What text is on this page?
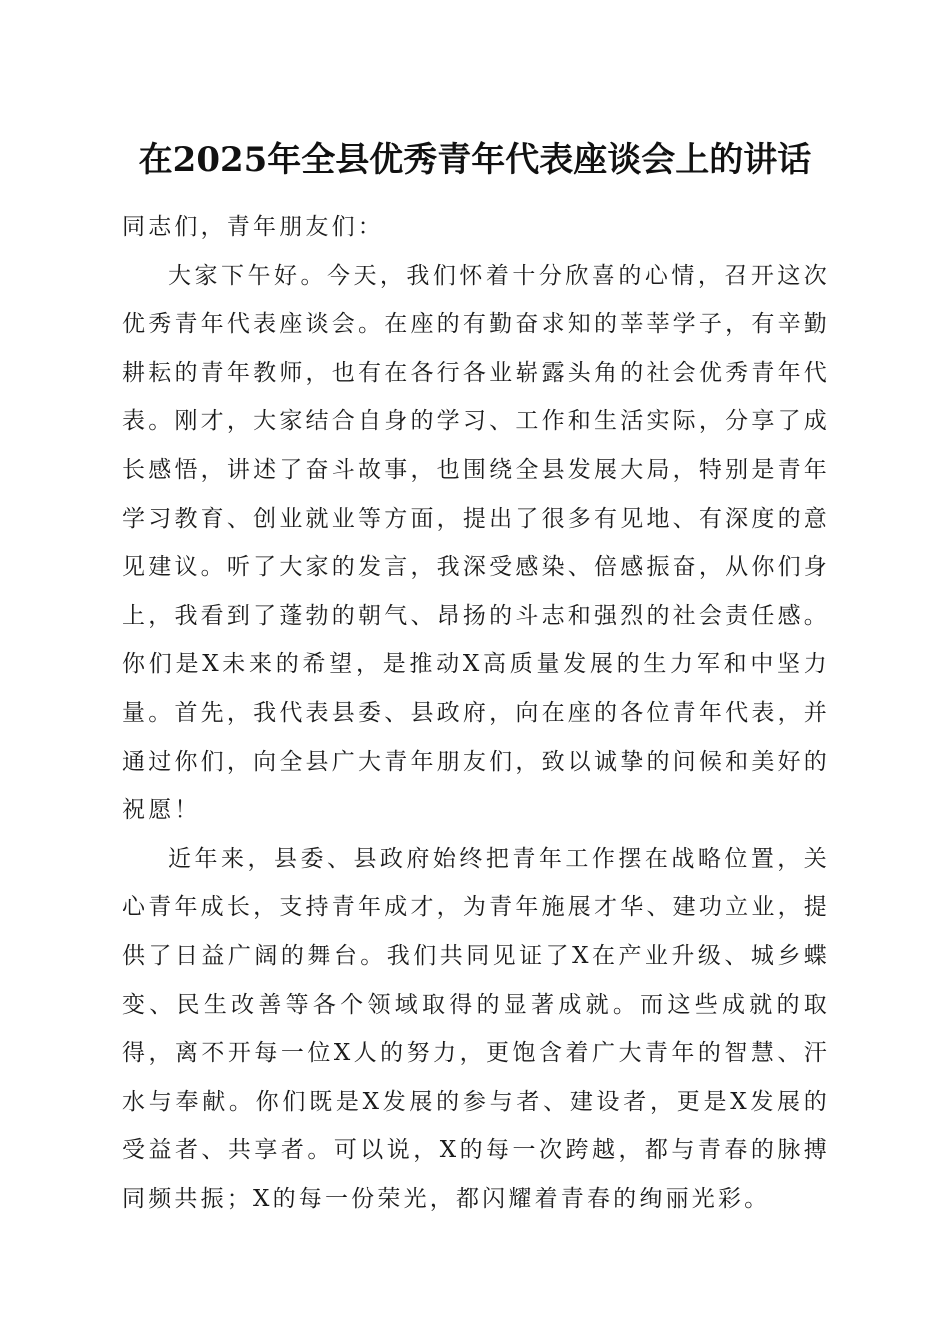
在2025年全县优秀青年代表座谈会上的讲话

同志们，青年朋友们：

大家下午好。今天，我们怀着十分欣喜的心情，召开这次优秀青年代表座谈会。在座的有勤奋求知的莘莘学子，有辛勤耕耘的青年教师，也有在各行各业崭露头角的社会优秀青年代表。刚才，大家结合自身的学习、工作和生活实际，分享了成长感悟，讲述了奋斗故事，也围绕全县发展大局，特别是青年学习教育、创业就业等方面，提出了很多有见地、有深度的意见建议。听了大家的发言，我深受感染、倍感振奋，从你们身上，我看到了蓬勃的朝气、昂扬的斗志和强烈的社会责任感。你们是X未来的希望，是推动X高质量发展的生力军和中坚力量。首先，我代表县委、县政府，向在座的各位青年代表，并通过你们，向全县广大青年朋友们，致以诚挚的问候和美好的祝愿！

近年来，县委、县政府始终把青年工作摆在战略位置，关心青年成长，支持青年成才，为青年施展才华、建功立业，提供了日益广阔的舞台。我们共同见证了X在产业升级、城乡蝶变、民生改善等各个领域取得的显著成就。而这些成就的取得，离不开每一位X人的努力，更饱含着广大青年的智慧、汗水与奉献。你们既是X发展的参与者、建设者，更是X发展的受益者、共享者。可以说，X的每一次跨越，都与青春的脉搏同频共振；X的每一份荣光，都闪耀着青春的绚丽光彩。
